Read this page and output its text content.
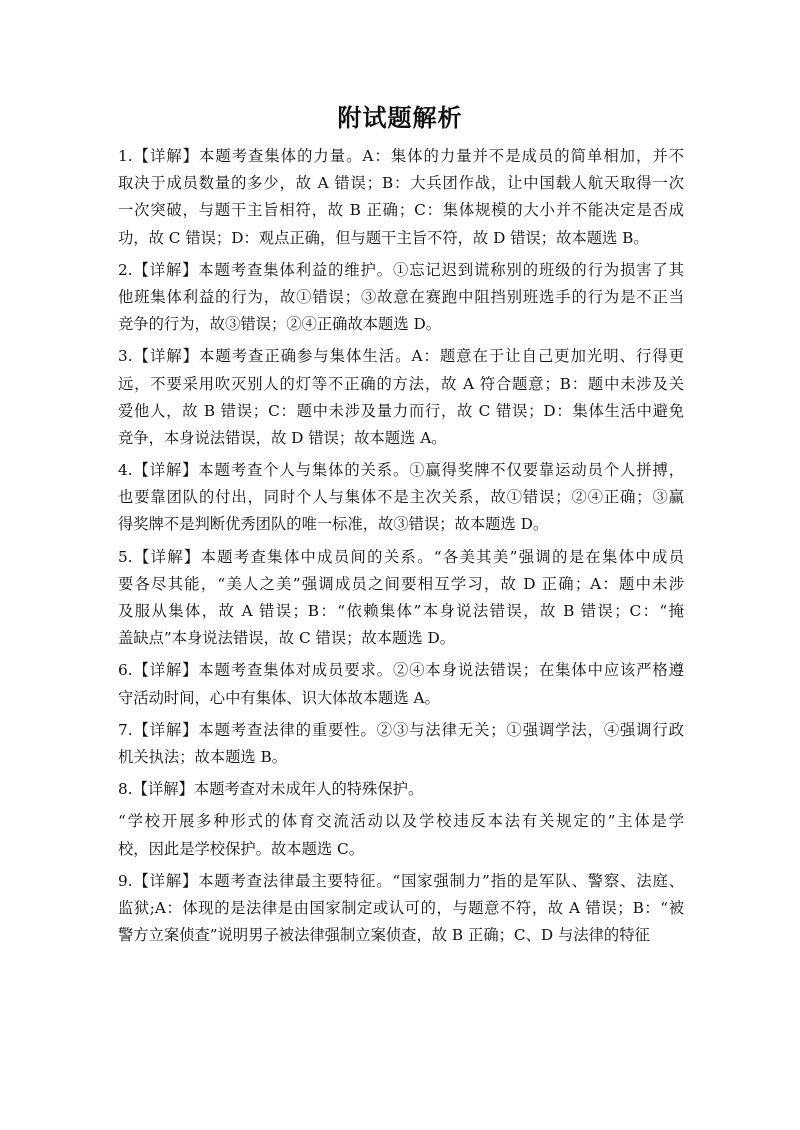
附试题解析
1.【详解】本题考查集体的力量。A：集体的力量并不是成员的简单相加，并不
取决于成员数量的多少，故 A 错误；B：大兵团作战，让中国载人航天取得一次
一次突破，与题干主旨相符，故 B 正确；C：集体规模的大小并不能决定是否成
功，故 C 错误；D：观点正确，但与题干主旨不符，故 D 错误；故本题选 B。
2.【详解】本题考查集体利益的维护。①忘记迟到谎称别的班级的行为损害了其
他班集体利益的行为，故①错误；③故意在赛跑中阻挡别班选手的行为是不正当
竞争的行为，故③错误；②④正确故本题选 D。
3.【详解】本题考查正确参与集体生活。A：题意在于让自己更加光明、行得更
远，不要采用吹灭别人的灯等不正确的方法，故 A 符合题意；B：题中未涉及关
爱他人，故 B 错误；C：题中未涉及量力而行，故 C 错误；D：集体生活中避免
竞争，本身说法错误，故 D 错误；故本题选 A。
4.【详解】本题考查个人与集体的关系。①赢得奖牌不仅要靠运动员个人拼搏，
也要靠团队的付出，同时个人与集体不是主次关系，故①错误；②④正确；③赢
得奖牌不是判断优秀团队的唯一标准，故③错误；故本题选 D。
5.【详解】本题考查集体中成员间的关系。“各美其美”强调的是在集体中成员
要各尽其能，“美人之美”强调成员之间要相互学习，故 D 正确；A：题中未涉
及服从集体，故 A 错误；B：“依赖集体”本身说法错误，故 B 错误；C：“掩
盖缺点”本身说法错误，故 C 错误；故本题选 D。
6.【详解】本题考查集体对成员要求。②④本身说法错误；在集体中应该严格遵
守活动时间，心中有集体、识大体故本题选 A。
7.【详解】本题考查法律的重要性。②③与法律无关；①强调学法，④强调行政
机关执法；故本题选 B。
8.【详解】本题考查对未成年人的特殊保护。
“学校开展多种形式的体育交流活动以及学校违反本法有关规定的”主体是学
校，因此是学校保护。故本题选 C。
9.【详解】本题考查法律最主要特征。“国家强制力”指的是军队、警察、法庭、
监狱;A：体现的是法律是由国家制定或认可的，与题意不符，故 A 错误；B：“被
警方立案侦查”说明男子被法律强制立案侦查，故 B 正确；C、D 与法律的特征
